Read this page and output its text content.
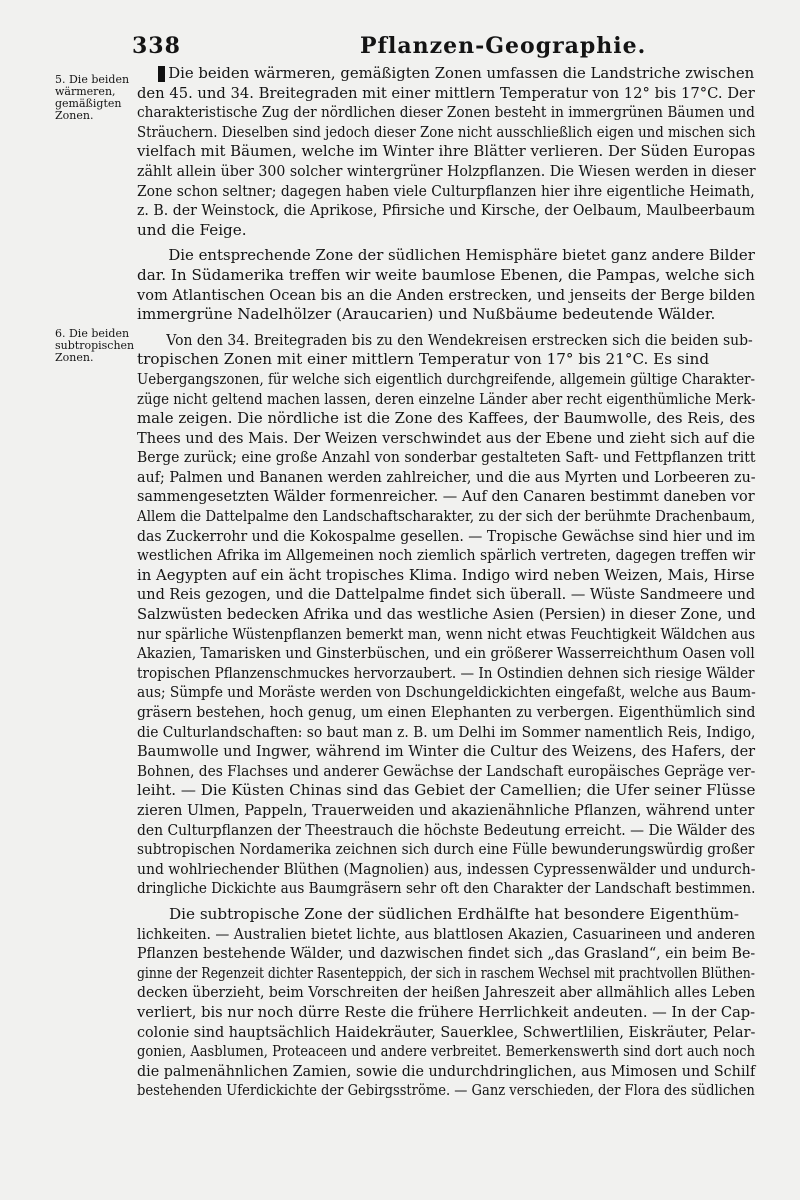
338	Pflanzen-Geographie.
5. Die beiden wärmeren, gemäßigten Zonen.
6. Die beiden subtropischen Zonen.
Die beiden wärmeren, gemäßigten Zonen umfassen die Landstriche zwischen
den 45. und 34. Breitegraden mit einer mittlern Temperatur von 12° bis 17°C. Der
charakteristische Zug der nördlichen dieser Zonen besteht in immergrünen Bäumen und
Sträuchern. Dieselben sind jedoch dieser Zone nicht ausschließlich eigen und mischen sich
vielfach mit Bäumen, welche im Winter ihre Blätter verlieren. Der Süden Europas
zählt allein über 300 solcher wintergrüner Holzpflanzen. Die Wiesen werden in dieser
Zone schon seltner; dagegen haben viele Culturpflanzen hier ihre eigentliche Heimath,
z. B. der Weinstock, die Aprikose, Pfirsiche und Kirsche, der Oelbaum, Maulbeerbaum
und die Feige.
Die entsprechende Zone der südlichen Hemisphäre bietet ganz andere Bilder
dar. In Südamerika treffen wir weite baumlose Ebenen, die Pampas, welche sich
vom Atlantischen Ocean bis an die Anden erstrecken, und jenseits der Berge bilden
immergrüne Nadelhölzer (Araucarien) und Nußbäume bedeutende Wälder.
Von den 34. Breitegraden bis zu den Wendekreisen erstrecken sich die beiden sub-
tropischen Zonen mit einer mittlern Temperatur von 17° bis 21°C. Es sind
Uebergangszonen, für welche sich eigentlich durchgreifende, allgemein gültige Charakter-
züge nicht geltend machen lassen, deren einzelne Länder aber recht eigenthümliche Merk-
male zeigen. Die nördliche ist die Zone des Kaffees, der Baumwolle, des Reis, des
Thees und des Mais. Der Weizen verschwindet aus der Ebene und zieht sich auf die
Berge zurück; eine große Anzahl von sonderbar gestalteten Saft- und Fettpflanzen tritt
auf; Palmen und Bananen werden zahlreicher, und die aus Myrten und Lorbeeren zu-
sammengesetzten Wälder formenreicher. — Auf den Canaren bestimmt daneben vor
Allem die Dattelpalme den Landschaftscharakter, zu der sich der berühmte Drachenbaum,
das Zuckerrohr und die Kokospalme gesellen. — Tropische Gewächse sind hier und im
westlichen Afrika im Allgemeinen noch ziemlich spärlich vertreten, dagegen treffen wir
in Aegypten auf ein ächt tropisches Klima. Indigo wird neben Weizen, Mais, Hirse
und Reis gezogen, und die Dattelpalme findet sich überall. — Wüste Sandmeere und
Salzwüsten bedecken Afrika und das westliche Asien (Persien) in dieser Zone, und
nur spärliche Wüstenpflanzen bemerkt man, wenn nicht etwas Feuchtigkeit Wäldchen aus
Akazien, Tamarisken und Ginsterbüschen, und ein größerer Wasserreichthum Oasen voll
tropischen Pflanzenschmuckes hervorzaubert. — In Ostindien dehnen sich riesige Wälder
aus; Sümpfe und Moräste werden von Dschungeldickichten eingefaßt, welche aus Baum-
gräsern bestehen, hoch genug, um einen Elephanten zu verbergen. Eigenthümlich sind
die Culturlandschaften: so baut man z. B. um Delhi im Sommer namentlich Reis, Indigo,
Baumwolle und Ingwer, während im Winter die Cultur des Weizens, des Hafers, der
Bohnen, des Flachses und anderer Gewächse der Landschaft europäisches Gepräge ver-
leiht. — Die Küsten Chinas sind das Gebiet der Camellien; die Ufer seiner Flüsse
zieren Ulmen, Pappeln, Trauerweiden und akazienähnliche Pflanzen, während unter
den Culturpflanzen der Theestrauch die höchste Bedeutung erreicht. — Die Wälder des
subtropischen Nordamerika zeichnen sich durch eine Fülle bewunderungswürdig großer
und wohlriechender Blüthen (Magnolien) aus, indessen Cypressenwälder und undurch-
dringliche Dickichte aus Baumgräsern sehr oft den Charakter der Landschaft bestimmen.
Die subtropische Zone der südlichen Erdhälfte hat besondere Eigenthüm-
lichkeiten. — Australien bietet lichte, aus blattlosen Akazien, Casuarineen und anderen
Pflanzen bestehende Wälder, und dazwischen findet sich „das Grasland“, ein beim Be-
ginne der Regenzeit dichter Rasenteppich, der sich in raschem Wechsel mit prachtvollen Blüthen-
decken überzieht, beim Vorschreiten der heißen Jahreszeit aber allmählich alles Leben
verliert, bis nur noch dürre Reste die frühere Herrlichkeit andeuten. — In der Cap-
colonie sind hauptsächlich Haidekräuter, Sauerklee, Schwertlilien, Eiskräuter, Pelar-
gonien, Aasblumen, Proteaceen und andere verbreitet. Bemerkenswerth sind dort auch noch
die palmenähnlichen Zamien, sowie die undurchdringlichen, aus Mimosen und Schilf
bestehenden Uferdickichte der Gebirgsströme. — Ganz verschieden, der Flora des südlichen
